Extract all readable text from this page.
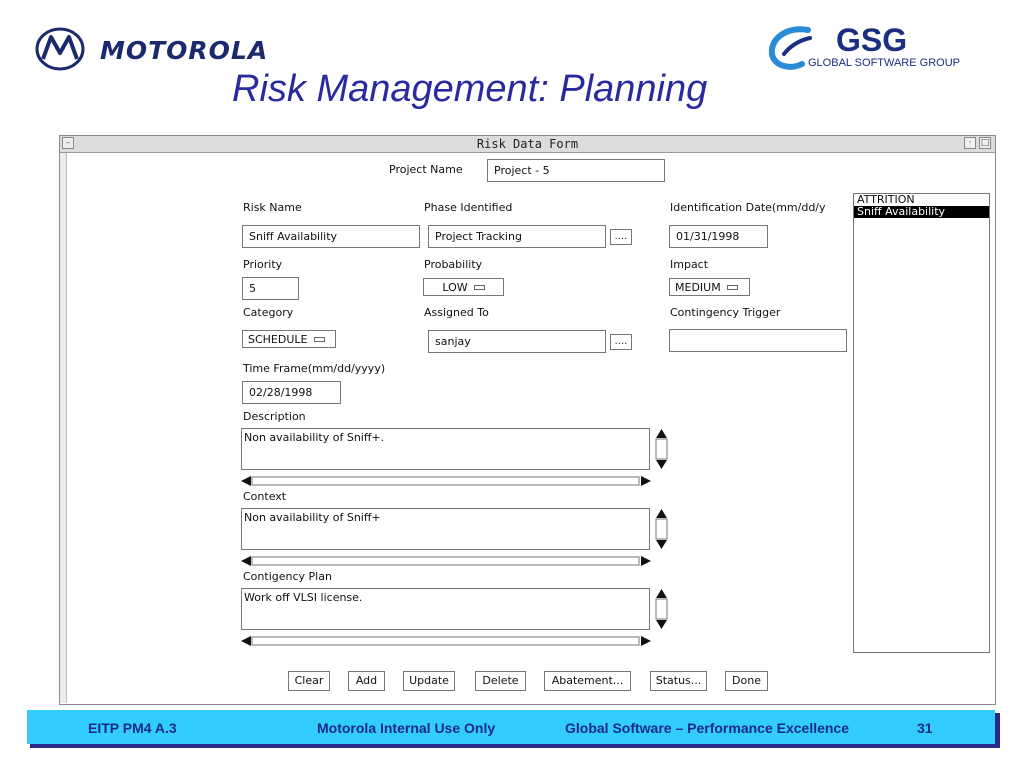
MOTOROLA	GSG
GLOBAL SOFTWARE GROUP
Risk Management: Planning
–	Risk Data Form	·	□
Project Name	Project - 5
Risk Name	Phase Identified	Identification Date(mm/dd/y
Sniff Availability	Project Tracking	....	01/31/1998
Priority	Probability	Impact
5	LOW	MEDIUM
Category	Assigned To	Contingency Trigger
SCHEDULE	sanjay	....
Time Frame(mm/dd/yyyy)
02/28/1998
Description
Non availability of Sniff+.
Context
Non availability of Sniff+
Contigency Plan
Work off VLSI license.
ATTRITION
Sniff Availability
Clear	Add	Update	Delete	Abatement...	Status...	Done
EITP PM4 A.3	Motorola Internal Use Only	Global Software – Performance Excellence	31
